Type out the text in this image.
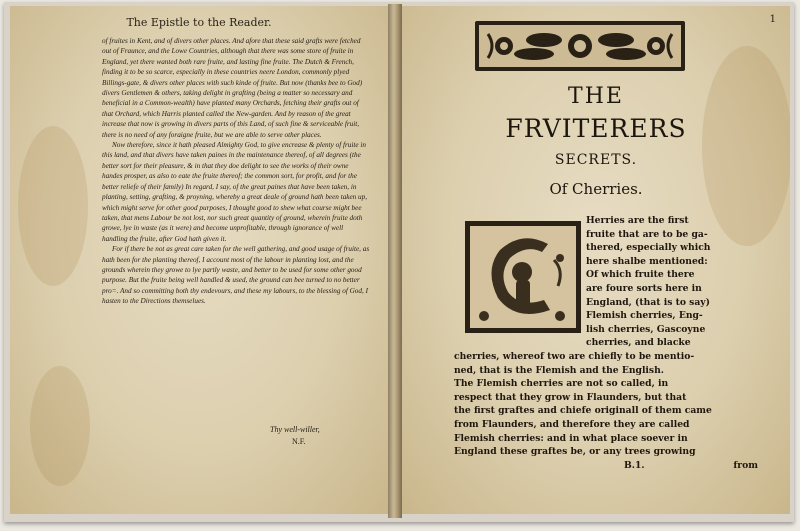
The Epistle to the Reader.

of fruites in Kent, and of divers other places. And afore that these said grafts were fetched out of Fraunce, and the Lowe Countries, although that there was some store of fruite in England, yet there wanted both rare fruite, and lasting fine fruite. The Dutch & French, finding it to be so scarce, especially in these countries neere London, commonly plyed Billings-gate, & divers other places with such kinde of fruite. But now (thanks bee to God) divers Gentlemen & others, taking delight in grafting (being a matter so necessary and beneficial in a Common-wealth) have planted many Orchards, fetching their grafts out of that Orchard, which Harris planted called the New-garden. And by reason of the great increase that now is growing in divers parts of this Land, of such fine & serviceable fruit, there is no need of any foraigne fruite, but we are able to serve other places.

Now therefore, since it hath pleased Almighty God, to give encrease & plenty of fruite in this land, and that divers have taken paines in the maintenance thereof, of all degrees (the better sort for their pleasure, & in that they doe delight to see the works of their owne handes prosper, as also to eate the fruite thereof; the common sort, for profit, and for the better reliefe of their family) In regard, I say, of the great paines that have been taken, in planting, setting, grafting, & proyning, whereby a great deale of ground hath been taken up, which might serve for other good purposes, I thought good to shew what course might bee taken, that mens Labour be not lost, nor such great quantity of ground, wherein fruite doth growe, lye in waste (as it were) and become unprofitable, through ignorance of well handling the fruite, after God hath given it.

For if there be not as great care taken for the well gathering, and good usage of fruite, as hath been for the planting thereof, I account most of the labour in planting lost, and the grounds wherein they growe to lye partly waste, and better to be used for some other good purpose. But the fruite being well handled & used, the ground can bee turned to no better pro=. And so committing both thy endevours, and these my labours, to the blessing of God, I hasten to the Directions themselues.

Thy well-willer,
N.F.
1
THE
FRVITERERS
SECRETS.
Of Cherries.
Herries are the first
fruite that are to be ga-
thered, especially which
here shalbe mentioned:
Of which fruite there
are foure sorts here in
England, (that is to say)
Flemish cherries, Eng-
lish cherries, Gascoyne
cherries, and blacke
cherries, whereof two are chiefly to be mentio-
ned, that is the Flemish and the English.
The Flemish cherries are not so called, in
respect that they grow in Flaunders, but that
the first graftes and chiefe originall of them came
from Flaunders, and therefore they are called
Flemish cherries: and in what place soever in
England these graftes be, or any trees growing
B.1.	from
